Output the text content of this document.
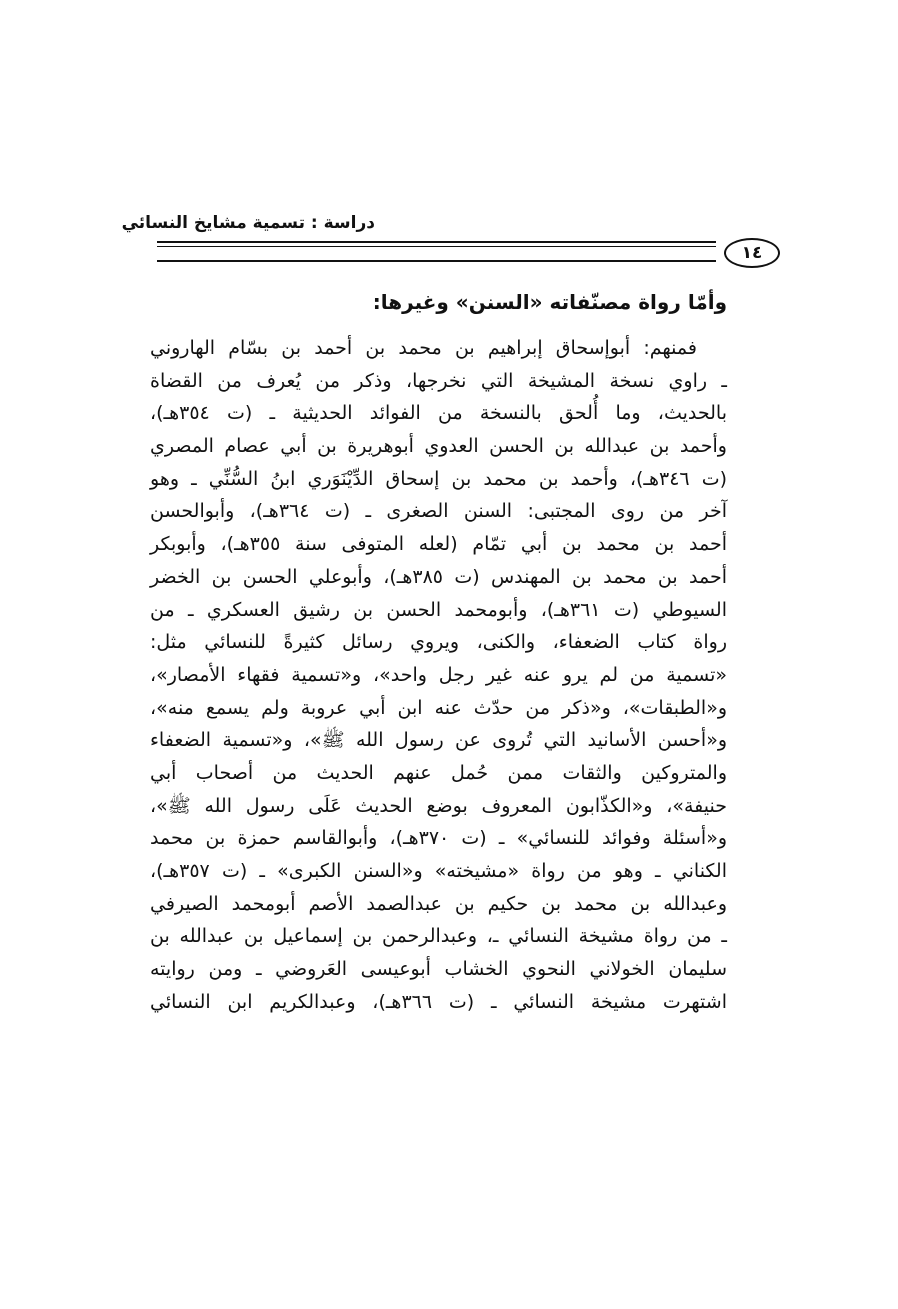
دراسة : تسمية مشايخ النسائي
١٤
وأمّا رواة مصنّفاته «السنن» وغيرها:
فمنهم: أبوإسحاق إبراهيم بن محمد بن أحمد بن بسّام الهاروني
ـ راوي نسخة المشيخة التي نخرجها، وذكر من يُعرف من القضاة
بالحديث، وما أُلحق بالنسخة من الفوائد الحديثية ـ (ت ٣٥٤هـ)،
وأحمد بن عبدالله بن الحسن العدوي أبوهريرة بن أبي عصام المصري
(ت ٣٤٦هـ)، وأحمد بن محمد بن إسحاق الدِّيْنَوَري ابنُ السُّنِّي ـ وهو
آخر من روى المجتبى: السنن الصغرى ـ (ت ٣٦٤هـ)، وأبوالحسن
أحمد بن محمد بن أبي تمّام (لعله المتوفى سنة ٣٥٥هـ)، وأبوبكر
أحمد بن محمد بن المهندس (ت ٣٨٥هـ)، وأبوعلي الحسن بن الخضر
السيوطي (ت ٣٦١هـ)، وأبومحمد الحسن بن رشيق العسكري ـ من
رواة كتاب الضعفاء، والكنى، ويروي رسائل كثيرةً للنسائي مثل:
«تسمية من لم يرو عنه غير رجل واحد»، و«تسمية فقهاء الأمصار»،
و«الطبقات»، و«ذكر من حدّث عنه ابن أبي عروبة ولم يسمع منه»،
و«أحسن الأسانيد التي تُروى عن رسول الله ﷺ»، و«تسمية الضعفاء
والمتروكين والثقات ممن حُمل عنهم الحديث من أصحاب أبي
حنيفة»، و«الكذّابون المعروف بوضع الحديث عَلَى رسول الله ﷺ»،
و«أسئلة وفوائد للنسائي» ـ (ت ٣٧٠هـ)، وأبوالقاسم حمزة بن محمد
الكناني ـ وهو من رواة «مشيخته» و«السنن الكبرى» ـ (ت ٣٥٧هـ)،
وعبدالله بن محمد بن حكيم بن عبدالصمد الأصم أبومحمد الصيرفي
ـ من رواة مشيخة النسائي ـ، وعبدالرحمن بن إسماعيل بن عبدالله بن
سليمان الخولاني النحوي الخشاب أبوعيسى العَروضي ـ ومن روايته
اشتهرت مشيخة النسائي ـ (ت ٣٦٦هـ)، وعبدالكريم ابن النسائي
